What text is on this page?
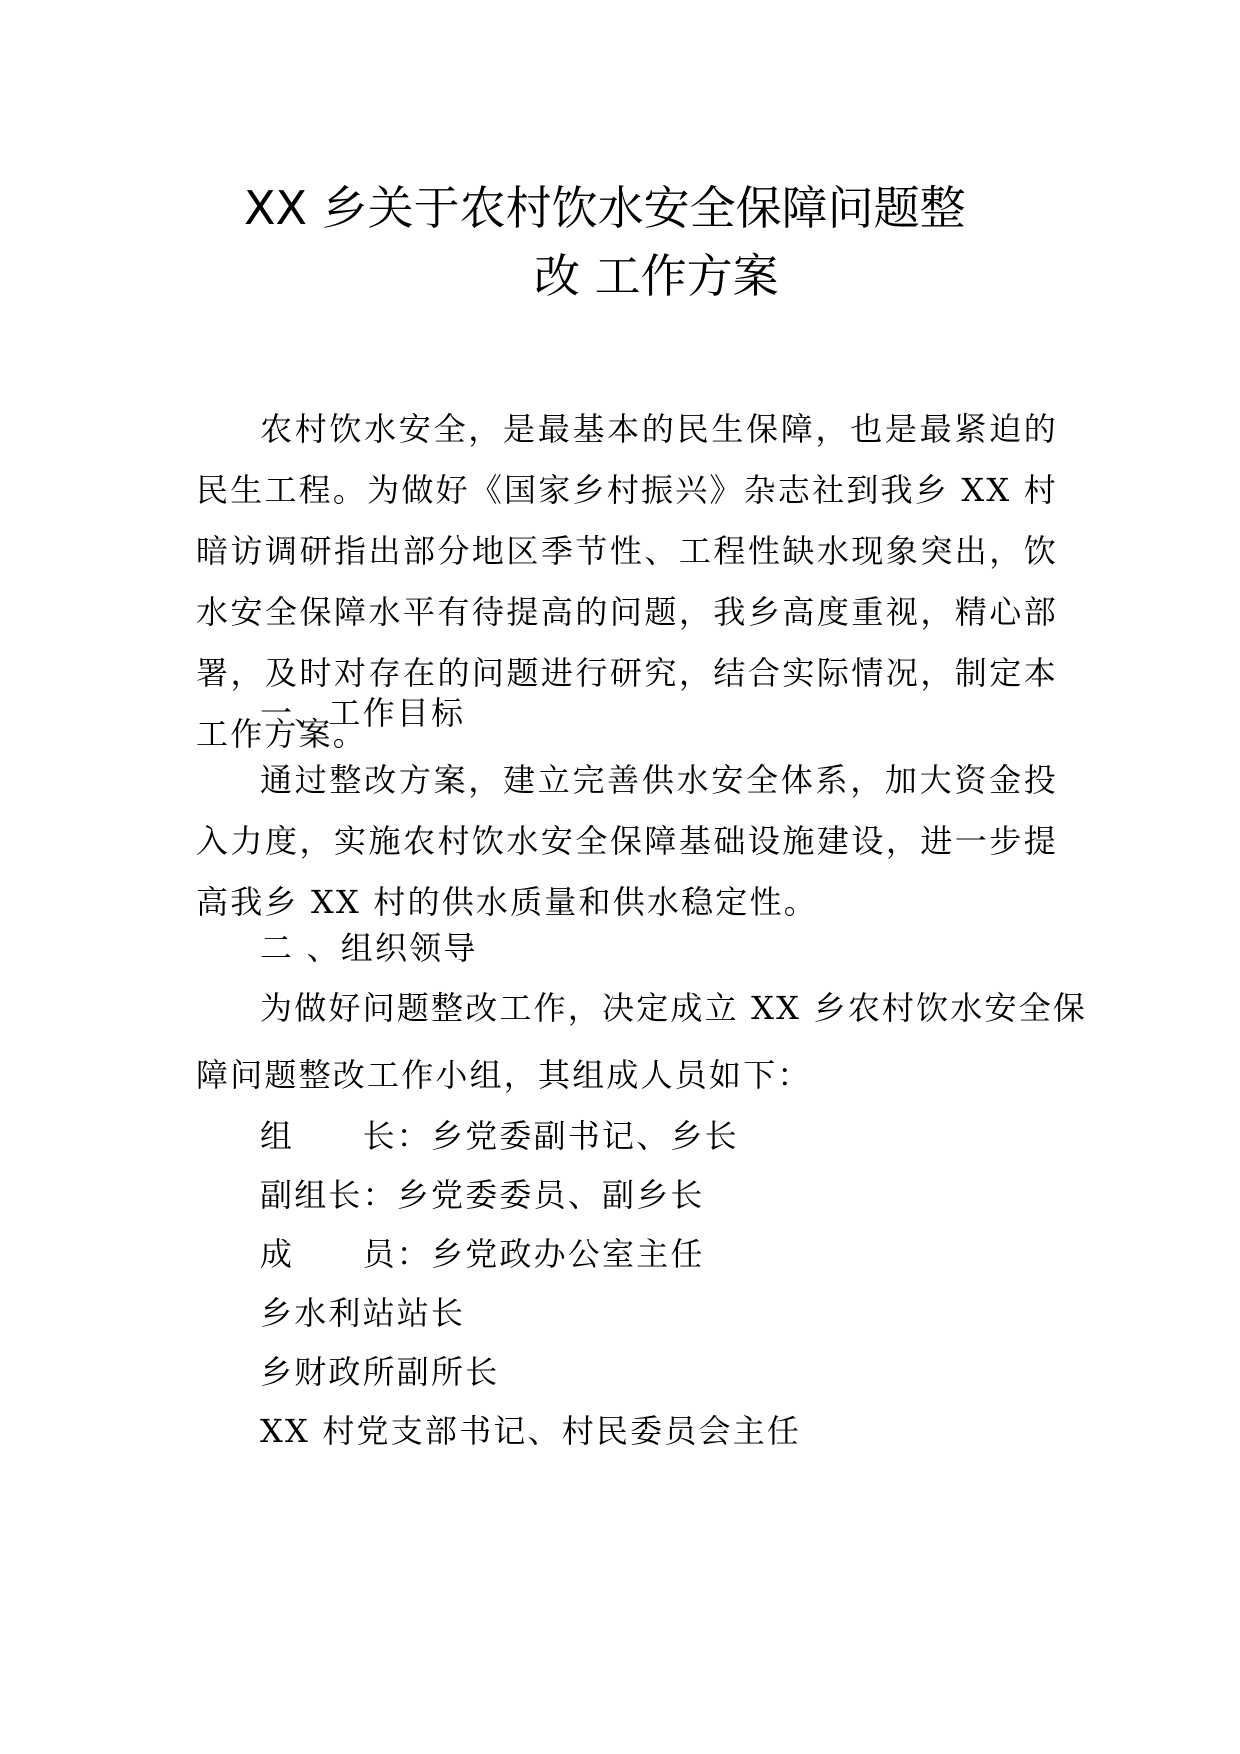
XX 乡关于农村饮水安全保障问题整
改 工作方案

农村饮水安全，是最基本的民生保障，也是最紧迫的民生工程。为做好《国家乡村振兴》杂志社到我乡 XX 村暗访调研指出部分地区季节性、工程性缺水现象突出，饮水安全保障水平有待提高的问题，我乡高度重视，精心部署，及时对存在的问题进行研究，结合实际情况，制定本工作方案。

一、工作目标

通过整改方案，建立完善供水安全体系，加大资金投入力度，实施农村饮水安全保障基础设施建设，进一步提高我乡 XX 村的供水质量和供水稳定性。

二 、组织领导

为做好问题整改工作，决定成立 XX 乡农村饮水安全保

障问题整改工作小组，其组成人员如下：

组　　长：乡党委副书记、乡长

副组长：乡党委委员、副乡长

成　　员：乡党政办公室主任

乡水利站站长

乡财政所副所长

XX 村党支部书记、村民委员会主任
